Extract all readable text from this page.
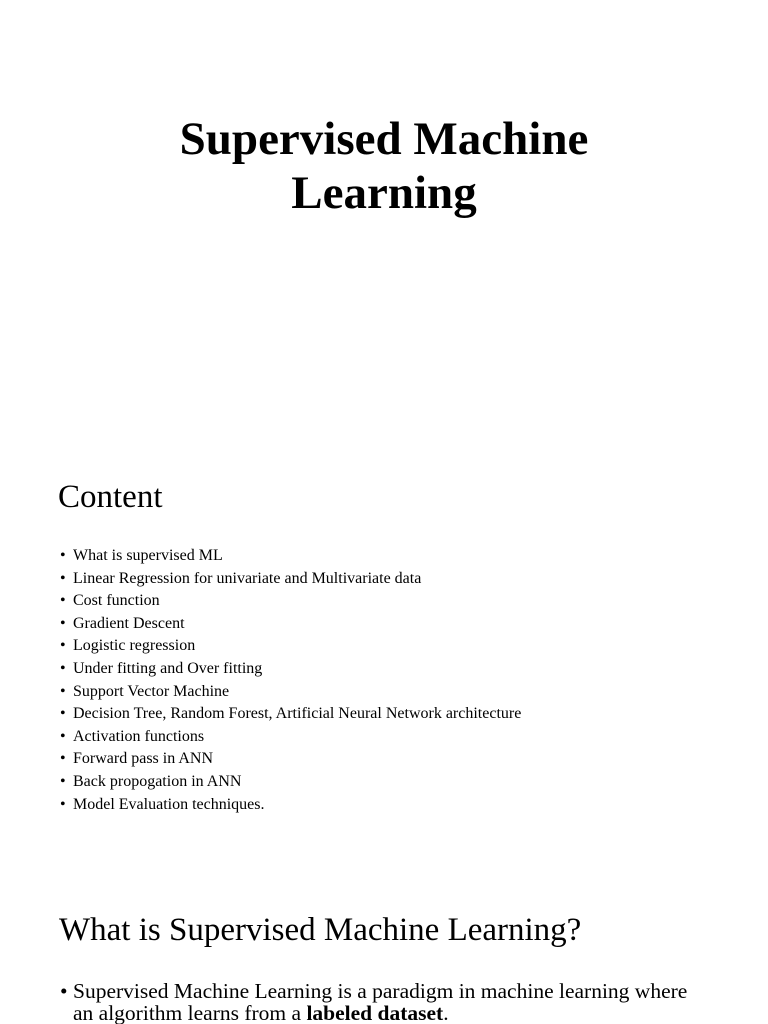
Supervised Machine
Learning
Content
• What is supervised ML
• Linear Regression for univariate and Multivariate data
• Cost function
• Gradient Descent
• Logistic regression
• Under fitting and Over fitting
• Support Vector Machine
• Decision Tree, Random Forest, Artificial Neural Network architecture
• Activation functions
• Forward pass in ANN
• Back propogation in ANN
• Model Evaluation techniques.
What is Supervised Machine Learning?

• Supervised Machine Learning is a paradigm in machine learning where an algorithm learns from a labeled dataset.
